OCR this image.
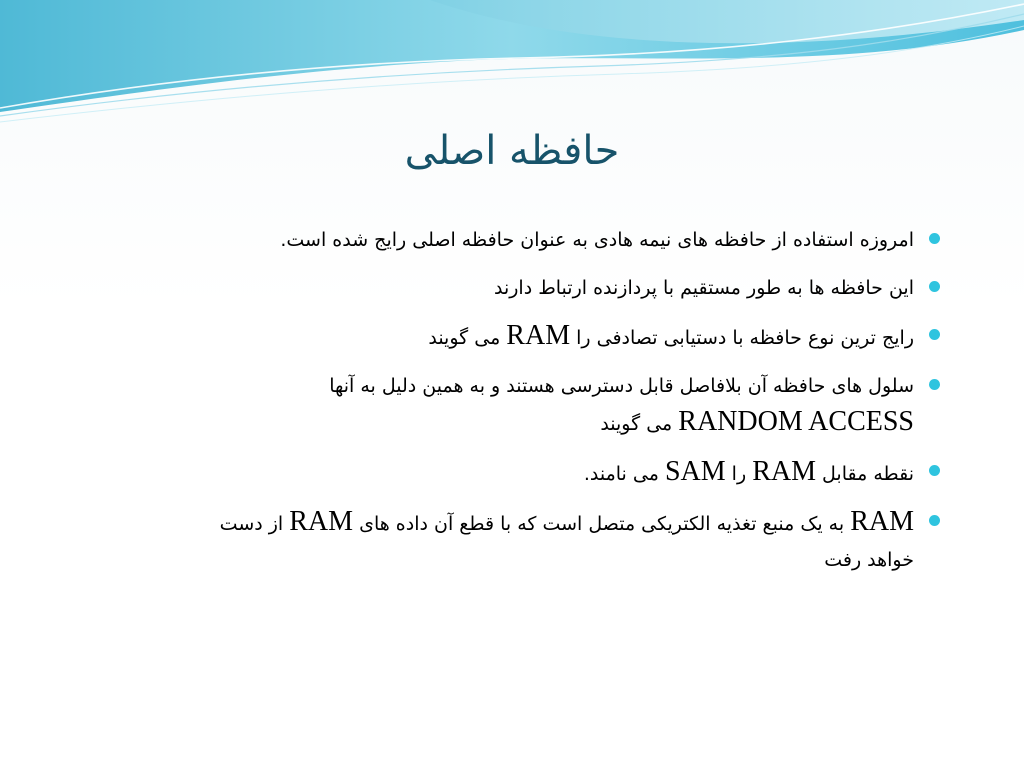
حافظه اصلی
امروزه استفاده از حافظه های نیمه هادی به عنوان حافظه اصلی رایج شده است.
این حافظه ها به طور مستقیم با پردازنده ارتباط دارند
رایج ترین نوع حافظه با دستیابی تصادفی را RAM می گویند
سلول های حافظه آن بلافاصل قابل دسترسی هستند و به همین دلیل به آنها
RANDOM ACCESS می گویند
نقطه مقابل RAM را SAM می نامند.
RAM به یک منبع تغذیه الکتریکی متصل است که با قطع آن داده های RAM از دست
خواهد رفت
